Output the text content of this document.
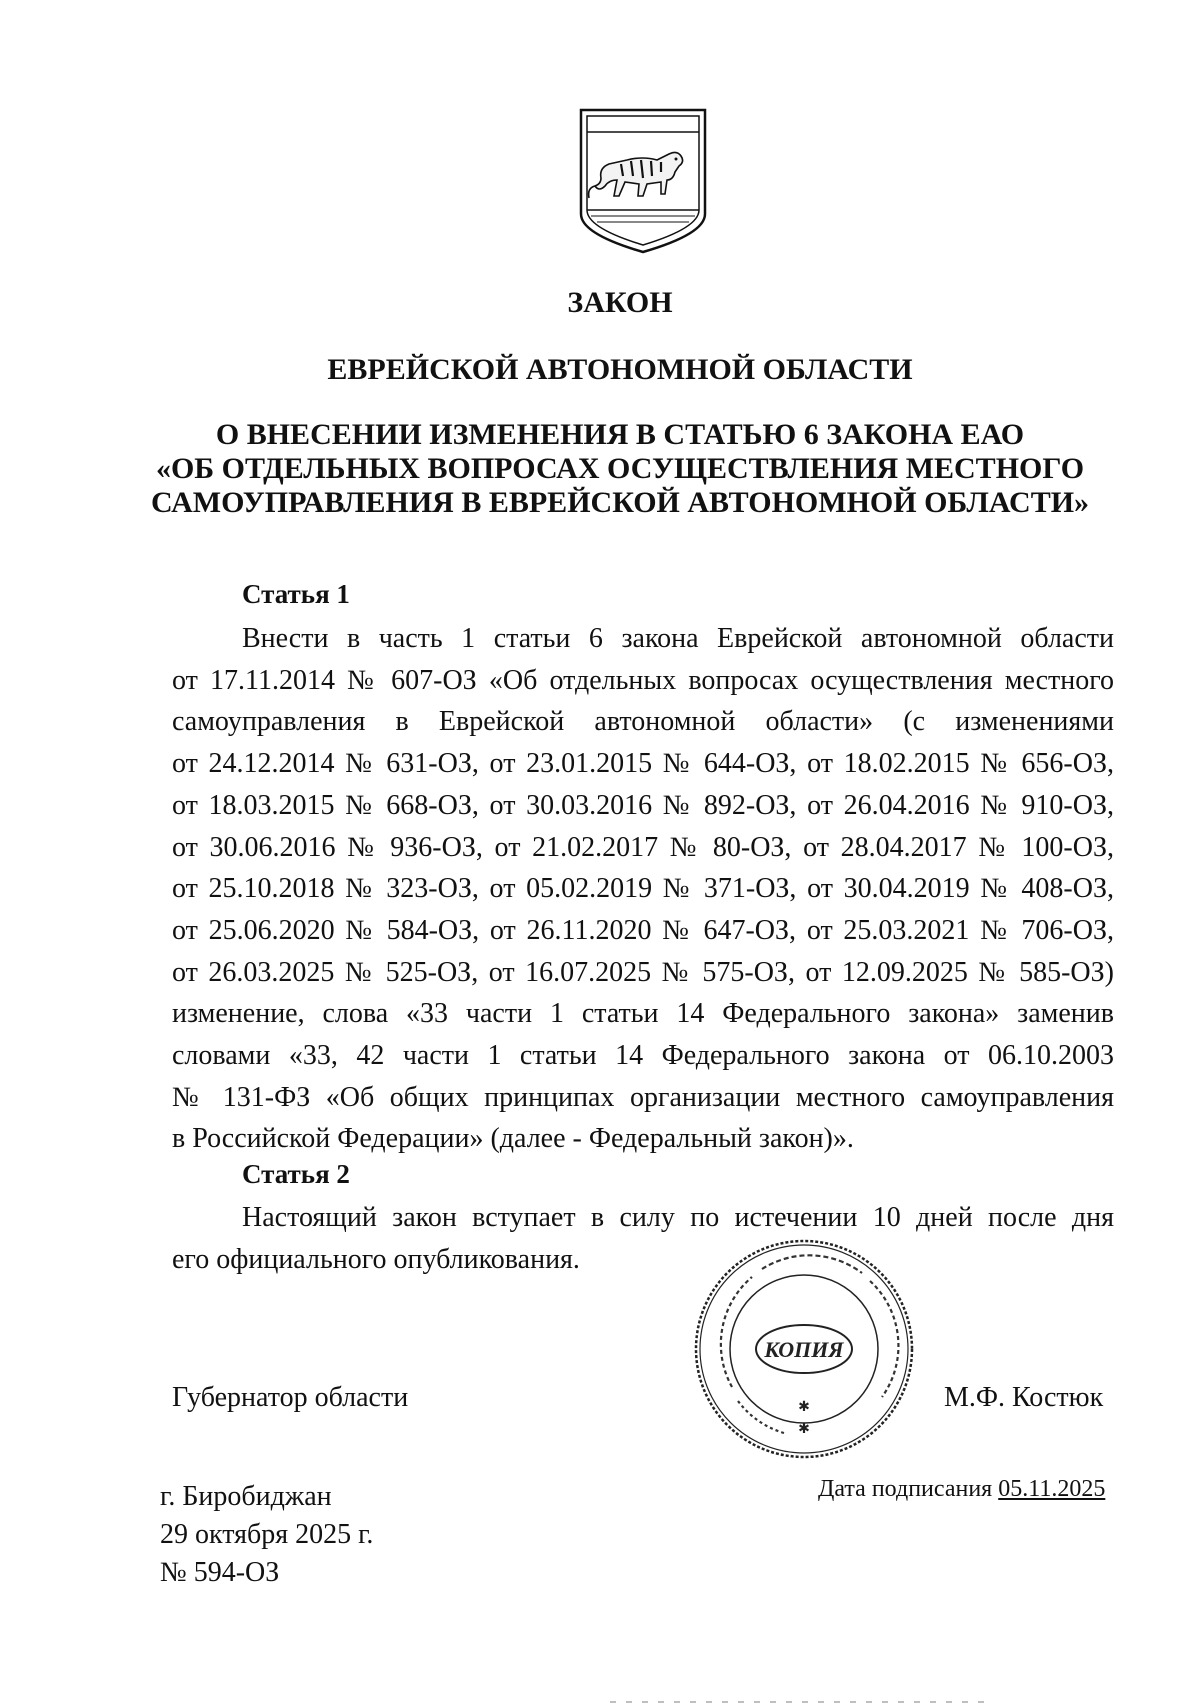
ЗАКОН
ЕВРЕЙСКОЙ АВТОНОМНОЙ ОБЛАСТИ
О ВНЕСЕНИИ ИЗМЕНЕНИЯ В СТАТЬЮ 6 ЗАКОНА ЕАО
«ОБ ОТДЕЛЬНЫХ ВОПРОСАХ ОСУЩЕСТВЛЕНИЯ МЕСТНОГО
САМОУПРАВЛЕНИЯ В ЕВРЕЙСКОЙ АВТОНОМНОЙ ОБЛАСТИ»
Статья 1
Внести в часть 1 статьи 6 закона Еврейской автономной области
от 17.11.2014 № 607-ОЗ «Об отдельных вопросах осуществления местного
самоуправления в Еврейской автономной области» (с изменениями
от 24.12.2014 № 631-ОЗ, от 23.01.2015 № 644-ОЗ, от 18.02.2015 № 656-ОЗ,
от 18.03.2015 № 668-ОЗ, от 30.03.2016 № 892-ОЗ, от 26.04.2016 № 910-ОЗ,
от 30.06.2016 № 936-ОЗ, от 21.02.2017 № 80-ОЗ, от 28.04.2017 № 100-ОЗ,
от 25.10.2018 № 323-ОЗ, от 05.02.2019 № 371-ОЗ, от 30.04.2019 № 408-ОЗ,
от 25.06.2020 № 584-ОЗ, от 26.11.2020 № 647-ОЗ, от 25.03.2021 № 706-ОЗ,
от 26.03.2025 № 525-ОЗ, от 16.07.2025 № 575-ОЗ, от 12.09.2025 № 585-ОЗ)
изменение, слова «33 части 1 статьи 14 Федерального закона» заменив
словами «33, 42 части 1 статьи 14 Федерального закона от 06.10.2003
№ 131-ФЗ «Об общих принципах организации местного самоуправления
в Российской Федерации» (далее - Федеральный закон)».
Статья 2
Настоящий закон вступает в силу по истечении 10 дней после дня
его официального опубликования.
Губернатор области
КОПИЯ
✱
✱
М.Ф. Костюк
Дата подписания 05.11.2025
г. Биробиджан
29 октября 2025 г.
№ 594-ОЗ
